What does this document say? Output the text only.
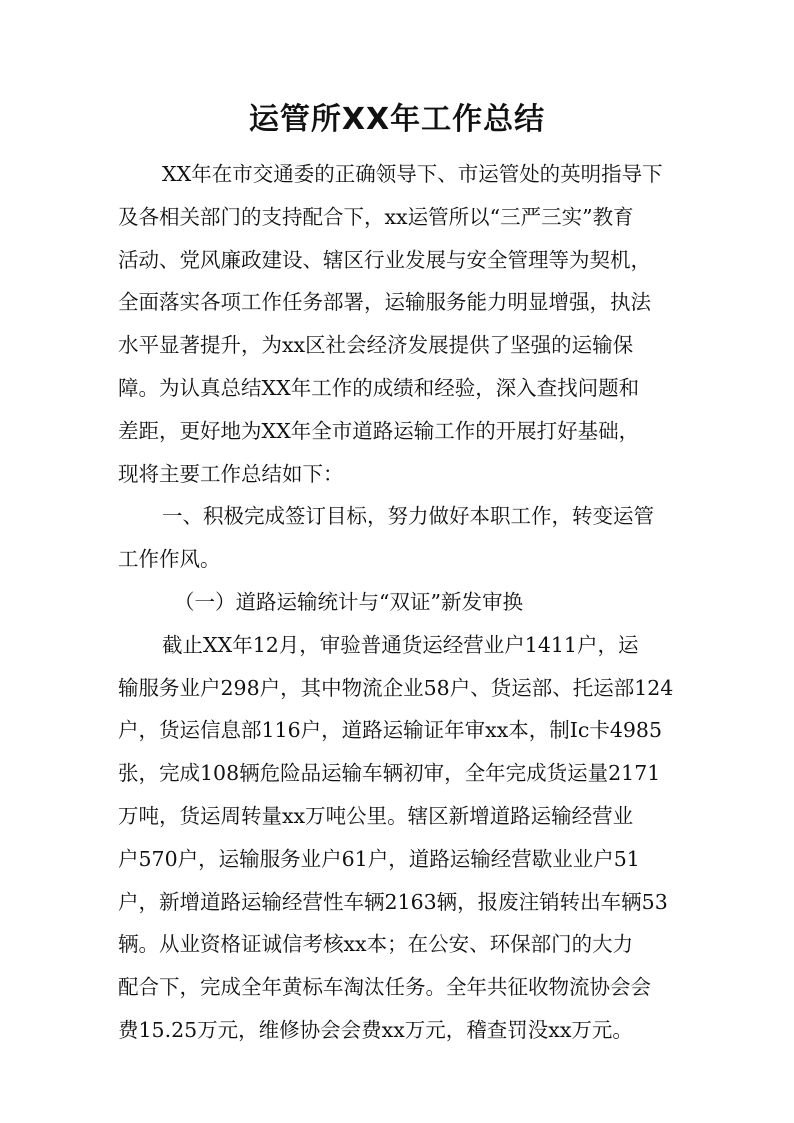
运管所XX年工作总结
XX年在市交通委的正确领导下、市运管处的英明指导下
及各相关部门的支持配合下，xx运管所以“三严三实”教育
活动、党风廉政建设、辖区行业发展与安全管理等为契机，
全面落实各项工作任务部署，运输服务能力明显增强，执法
水平显著提升，为xx区社会经济发展提供了坚强的运输保
障。为认真总结XX年工作的成绩和经验，深入查找问题和
差距，更好地为XX年全市道路运输工作的开展打好基础，
现将主要工作总结如下：
一、积极完成签订目标，努力做好本职工作，转变运管
工作作风。
（一）道路运输统计与“双证”新发审换
截止XX年12月，审验普通货运经营业户1411户，运
输服务业户298户，其中物流企业58户、货运部、托运部124
户，货运信息部116户，道路运输证年审xx本，制Ic卡4985
张，完成108辆危险品运输车辆初审，全年完成货运量2171
万吨，货运周转量xx万吨公里。辖区新增道路运输经营业
户570户，运输服务业户61户，道路运输经营歇业业户51
户，新增道路运输经营性车辆2163辆，报废注销转出车辆53
辆。从业资格证诚信考核xx本；在公安、环保部门的大力
配合下，完成全年黄标车淘汰任务。全年共征收物流协会会
费15.25万元，维修协会会费xx万元，稽查罚没xx万元。
